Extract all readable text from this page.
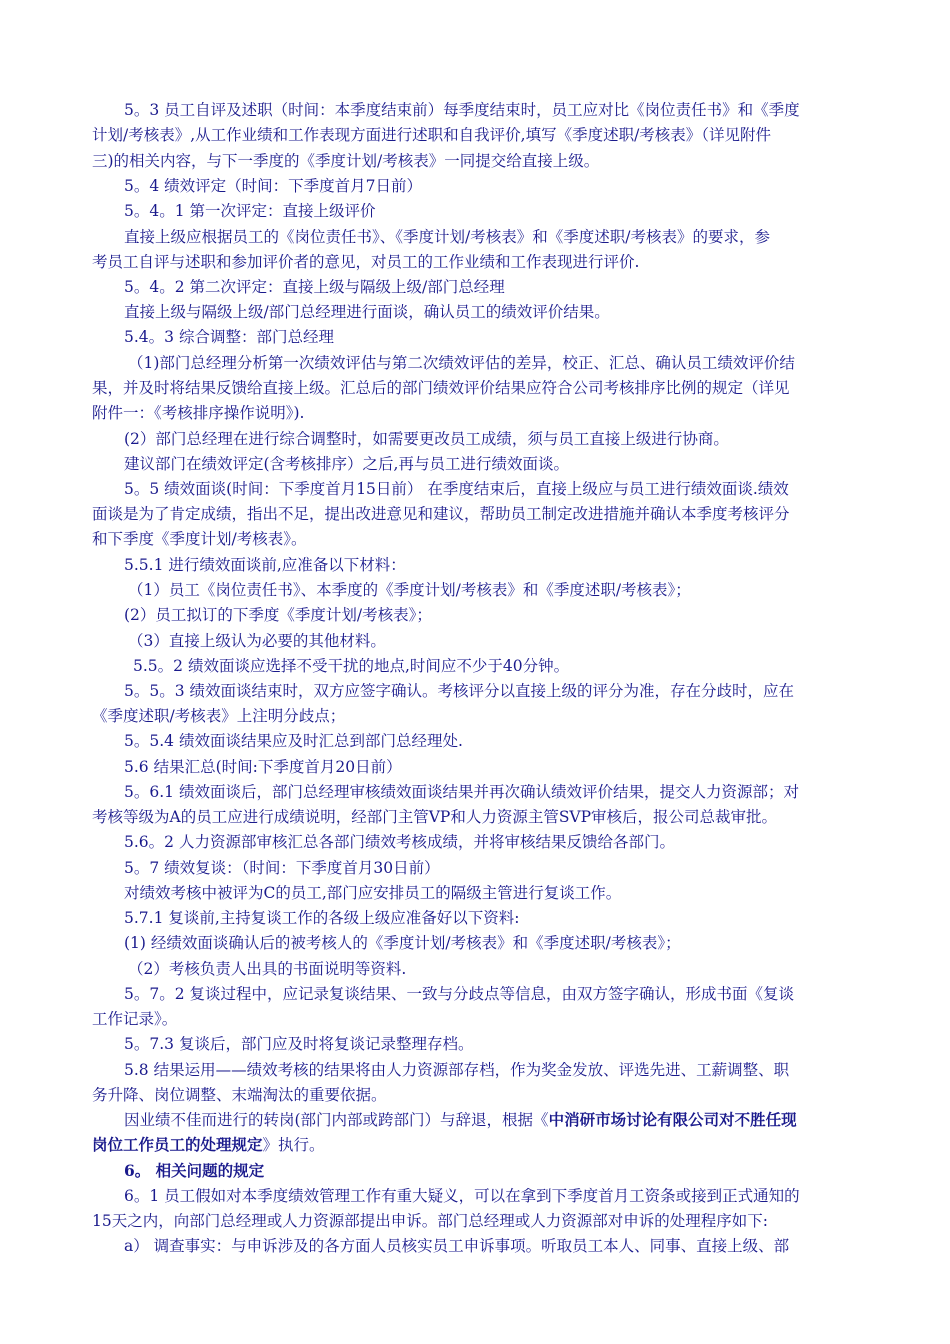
5。3 员工自评及述职（时间：本季度结束前）每季度结束时，员工应对比《岗位责任书》和《季度
计划/考核表》,从工作业绩和工作表现方面进行述职和自我评价,填写《季度述职/考核表》（详见附件
三)的相关内容，与下一季度的《季度计划/考核表》一同提交给直接上级。
5。4 绩效评定（时间：下季度首月7日前）
5。4。1 第一次评定：直接上级评价
直接上级应根据员工的《岗位责任书》、《季度计划/考核表》和《季度述职/考核表》的要求，参
考员工自评与述职和参加评价者的意见，对员工的工作业绩和工作表现进行评价.
5。4。2 第二次评定：直接上级与隔级上级/部门总经理
直接上级与隔级上级/部门总经理进行面谈，确认员工的绩效评价结果。
5.4。3 综合调整：部门总经理
（1)部门总经理分析第一次绩效评估与第二次绩效评估的差异，校正、汇总、确认员工绩效评价结
果，并及时将结果反馈给直接上级。汇总后的部门绩效评价结果应符合公司考核排序比例的规定（详见
附件一：《考核排序操作说明》).
(2）部门总经理在进行综合调整时，如需要更改员工成绩，须与员工直接上级进行协商。
建议部门在绩效评定(含考核排序）之后,再与员工进行绩效面谈。
5。5 绩效面谈(时间：下季度首月15日前） 在季度结束后，直接上级应与员工进行绩效面谈.绩效
面谈是为了肯定成绩，指出不足，提出改进意见和建议，帮助员工制定改进措施并确认本季度考核评分
和下季度《季度计划/考核表》。
5.5.1 进行绩效面谈前,应准备以下材料：
（1）员工《岗位责任书》、本季度的《季度计划/考核表》和《季度述职/考核表》；
(2）员工拟订的下季度《季度计划/考核表》；
（3）直接上级认为必要的其他材料。
5.5。2 绩效面谈应选择不受干扰的地点,时间应不少于40分钟。
5。5。3 绩效面谈结束时，双方应签字确认。考核评分以直接上级的评分为准，存在分歧时，应在
《季度述职/考核表》上注明分歧点；
5。5.4 绩效面谈结果应及时汇总到部门总经理处.
5.6 结果汇总(时间:下季度首月20日前）
5。6.1 绩效面谈后，部门总经理审核绩效面谈结果并再次确认绩效评价结果，提交人力资源部；对
考核等级为A的员工应进行成绩说明，经部门主管VP和人力资源主管SVP审核后，报公司总裁审批。
5.6。2 人力资源部审核汇总各部门绩效考核成绩，并将审核结果反馈给各部门。
5。7 绩效复谈：（时间：下季度首月30日前）
对绩效考核中被评为C的员工,部门应安排员工的隔级主管进行复谈工作。
5.7.1 复谈前,主持复谈工作的各级上级应准备好以下资料:
(1) 经绩效面谈确认后的被考核人的《季度计划/考核表》和《季度述职/考核表》；
（2）考核负责人出具的书面说明等资料.
5。7。2 复谈过程中，应记录复谈结果、一致与分歧点等信息，由双方签字确认，形成书面《复谈
工作记录》。
5。7.3 复谈后，部门应及时将复谈记录整理存档。
5.8 结果运用——绩效考核的结果将由人力资源部存档，作为奖金发放、评选先进、工薪调整、职
务升降、岗位调整、末端淘汰的重要依据。
因业绩不佳而进行的转岗(部门内部或跨部门）与辞退，根据《中消研市场讨论有限公司对不胜任现
岗位工作员工的处理规定》执行。
6。 相关问题的规定
6。1 员工假如对本季度绩效管理工作有重大疑义，可以在拿到下季度首月工资条或接到正式通知的
15天之内，向部门总经理或人力资源部提出申诉。部门总经理或人力资源部对申诉的处理程序如下:
a） 调查事实：与申诉涉及的各方面人员核实员工申诉事项。听取员工本人、同事、直接上级、部
